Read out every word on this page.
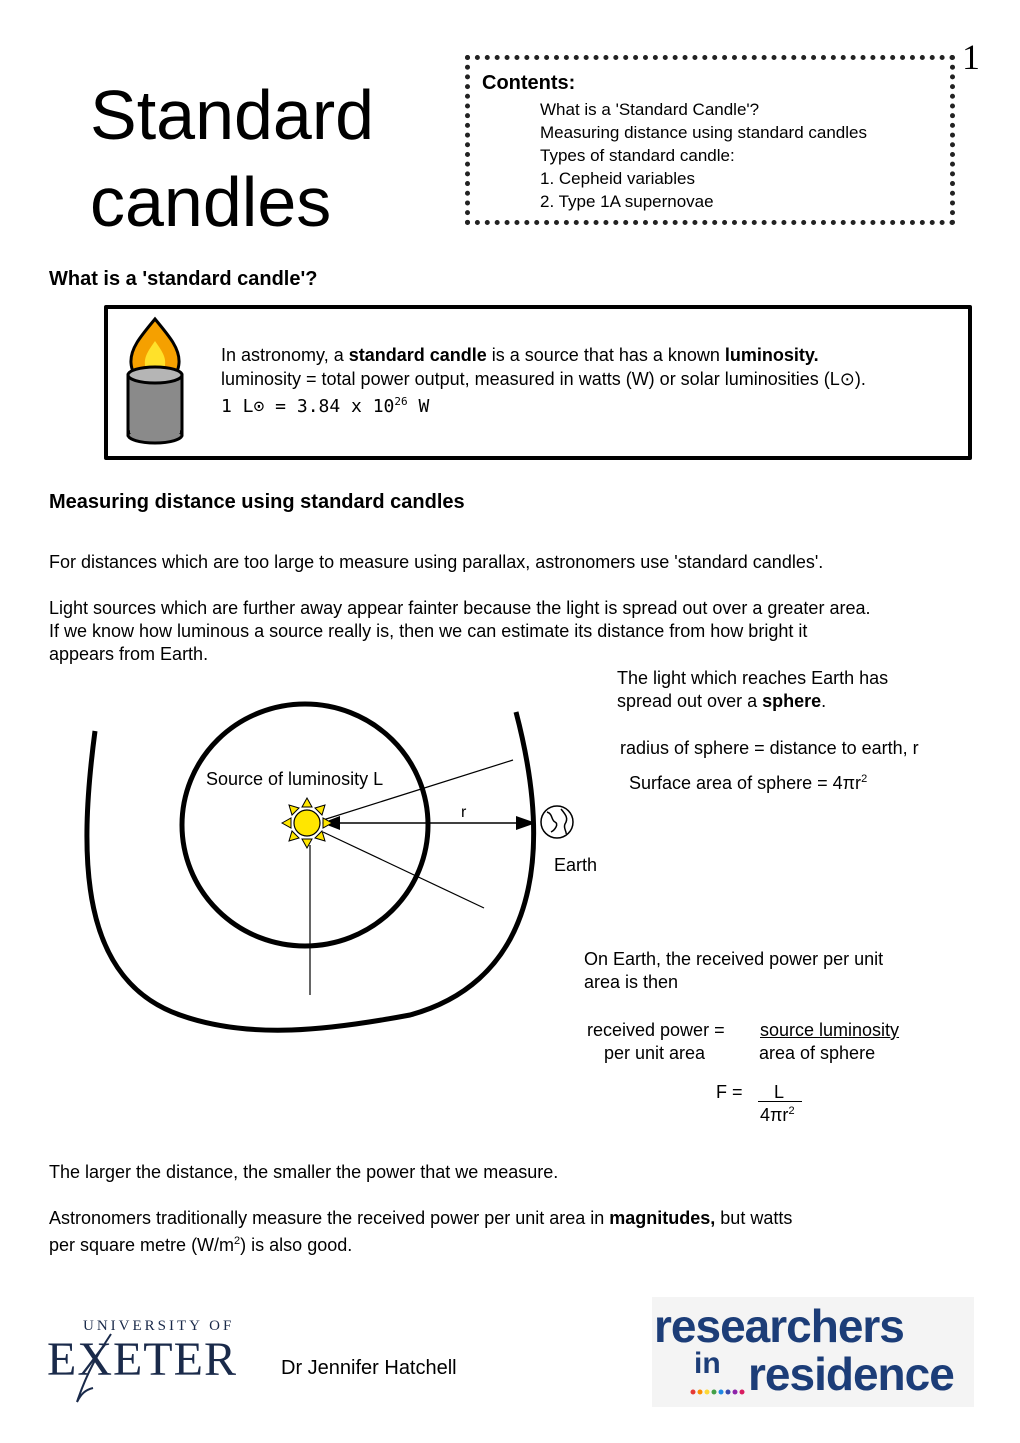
1
Standard
candles
Contents:
What is a 'Standard Candle'?
Measuring distance using standard candles
Types of standard candle:
1. Cepheid variables
2. Type 1A supernovae
What is a 'standard candle'?
In astronomy, a standard candle is a source that has a known luminosity.
luminosity = total power output, measured in watts (W) or solar luminosities (L⊙).
1 L⊙ = 3.84 x $10^{26}$ W
Measuring distance using standard candles
For distances which are too large to measure using parallax, astronomers use 'standard candles'.
Light sources which are further away appear fainter because the light is spread out over a greater area.
If we know how luminous a source really is, then we can estimate its distance from how bright it
appears from Earth.
Source of luminosity L
r
Earth
The light which reaches Earth has
spread out over a sphere.
radius of sphere = distance to earth, r
Surface area of sphere = $4\pi r^2$
On Earth, the received power per unit
area is then
received power =
per unit area
source luminosity
area of sphere
F = L
$4\pi r^2$
The larger the distance, the smaller the power that we measure.
Astronomers traditionally measure the received power per unit area in magnitudes, but watts
per square metre $(W/m^2)$ is also good.
UNIVERSITY OF
EXETER Dr Jennifer Hatchell
researchers
in residence
